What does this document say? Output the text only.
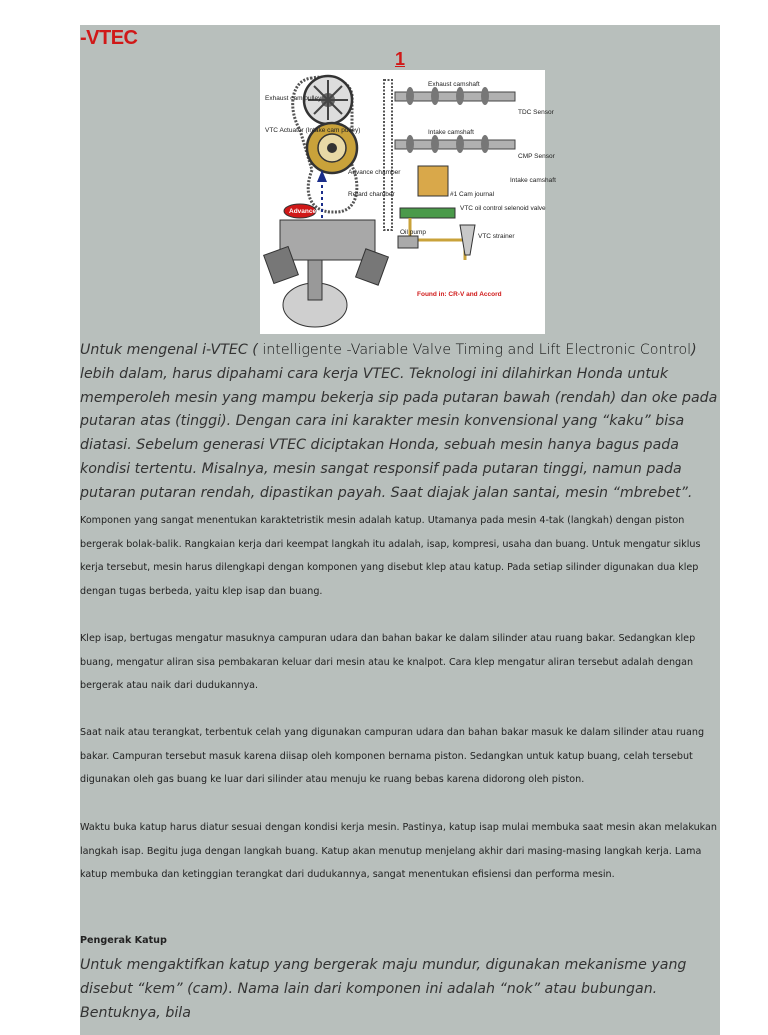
-VTEC
1
Exhaust cam pulley
VTC Actuator (Intake cam pulley)
Exhaust camshaft
Intake camshaft
TDC Sensor
CMP Sensor
Advance chamber
Intake camshaft
Retard chamber	#1 Cam journal
VTC oil control selenoid valve
Oil pump
VTC strainer
Advance
Found in: CR-V and Accord
Untuk mengenal i-VTEC ( intelligente -Variable Valve Timing and Lift Electronic Control) lebih dalam, harus dipahami cara kerja VTEC. Teknologi ini dilahirkan Honda untuk memperoleh mesin yang mampu bekerja sip pada putaran bawah (rendah) dan oke pada putaran atas (tinggi). Dengan cara ini karakter mesin konvensional yang “kaku” bisa diatasi. Sebelum generasi VTEC diciptakan Honda, sebuah mesin hanya bagus pada kondisi tertentu. Misalnya, mesin sangat responsif pada putaran tinggi, namun pada putaran putaran rendah, dipastikan payah. Saat diajak jalan santai, mesin “mbrebet”.
Komponen yang sangat menentukan karaktetristik mesin adalah katup. Utamanya pada mesin 4-tak (langkah) dengan piston bergerak bolak-balik. Rangkaian kerja dari keempat langkah itu adalah, isap, kompresi, usaha dan buang. Untuk mengatur siklus kerja tersebut, mesin harus dilengkapi dengan komponen yang disebut klep atau katup. Pada setiap silinder digunakan dua klep dengan tugas berbeda, yaitu klep isap dan buang.
Klep isap, bertugas mengatur masuknya campuran udara dan bahan bakar ke dalam silinder atau ruang bakar. Sedangkan klep buang, mengatur aliran sisa pembakaran keluar dari mesin atau ke knalpot. Cara klep mengatur aliran tersebut adalah dengan bergerak atau naik dari dudukannya.
Saat naik atau terangkat, terbentuk celah yang digunakan campuran udara dan bahan bakar masuk ke dalam silinder atau ruang bakar. Campuran tersebut masuk karena diisap oleh komponen bernama piston. Sedangkan untuk katup buang, celah tersebut digunakan oleh gas buang ke luar dari silinder atau menuju ke ruang bebas karena didorong oleh piston.
Waktu buka katup harus diatur sesuai dengan kondisi kerja mesin. Pastinya, katup isap mulai membuka saat mesin akan melakukan langkah isap. Begitu juga dengan langkah buang. Katup akan menutup menjelang akhir dari masing-masing langkah kerja. Lama katup membuka dan ketinggian terangkat dari dudukannya, sangat menentukan efisiensi dan performa mesin.
Pengerak Katup
Untuk mengaktifkan katup yang bergerak maju mundur, digunakan mekanisme yang disebut “kem” (cam). Nama lain dari komponen ini adalah “nok” atau bubungan. Bentuknya, bila
